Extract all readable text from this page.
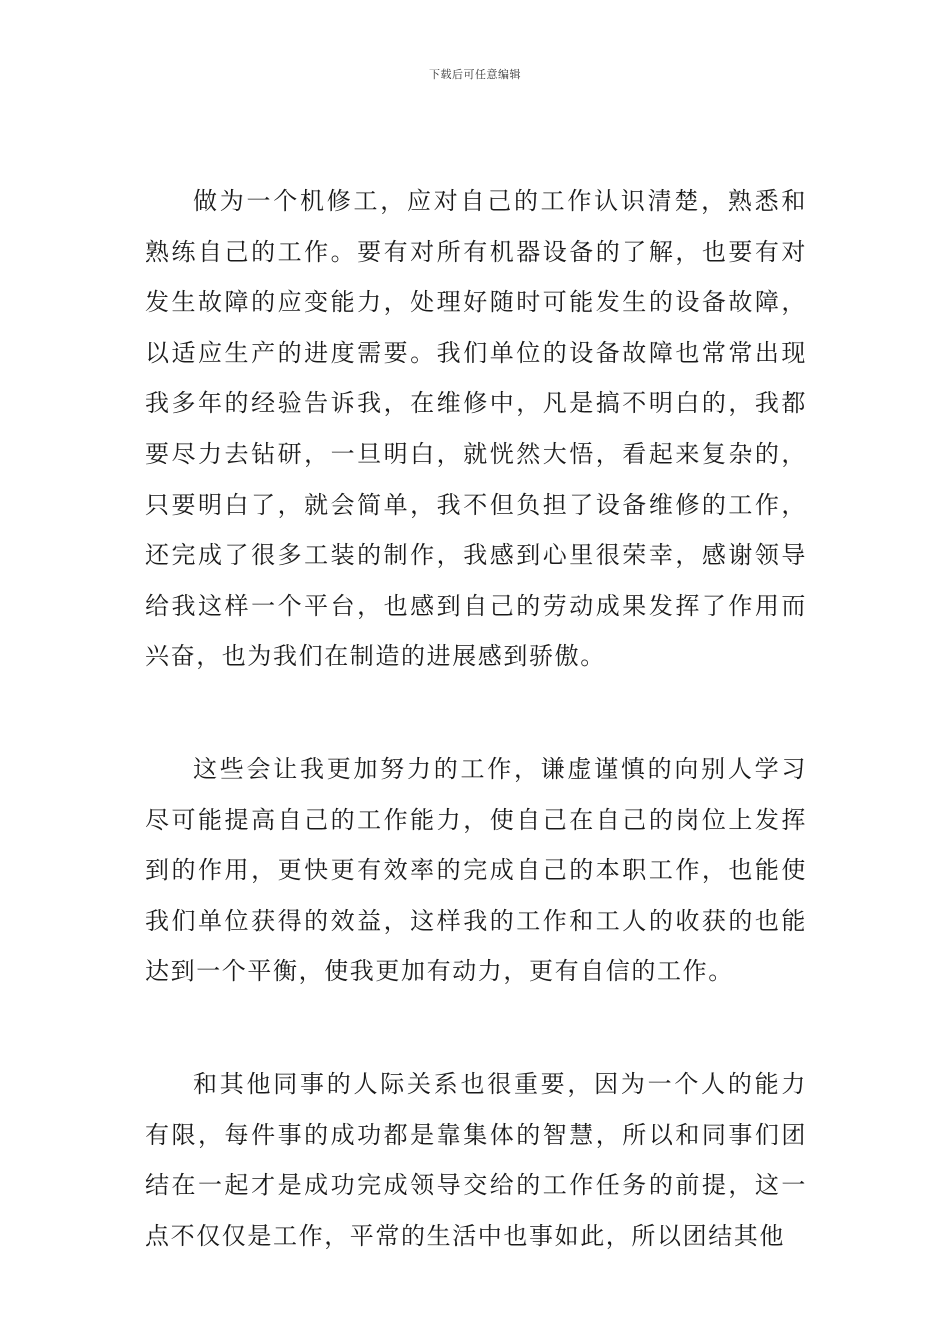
下载后可任意编辑

做为一个机修工，应对自己的工作认识清楚，熟悉和熟练自己的工作。要有对所有机器设备的了解，也要有对发生故障的应变能力，处理好随时可能发生的设备故障，以适应生产的进度需要。我们单位的设备故障也常常出现我多年的经验告诉我，在维修中，凡是搞不明白的，我都要尽力去钻研，一旦明白，就恍然大悟，看起来复杂的，只要明白了，就会简单，我不但负担了设备维修的工作，还完成了很多工装的制作，我感到心里很荣幸，感谢领导给我这样一个平台，也感到自己的劳动成果发挥了作用而兴奋，也为我们在制造的进展感到骄傲。

这些会让我更加努力的工作，谦虚谨慎的向别人学习尽可能提高自己的工作能力，使自己在自己的岗位上发挥到的作用，更快更有效率的完成自己的本职工作，也能使我们单位获得的效益，这样我的工作和工人的收获的也能达到一个平衡，使我更加有动力，更有自信的工作。

和其他同事的人际关系也很重要，因为一个人的能力有限，每件事的成功都是靠集体的智慧，所以和同事们团结在一起才是成功完成领导交给的工作任务的前提，这一点不仅仅是工作，平常的生活中也事如此，所以团结其他
